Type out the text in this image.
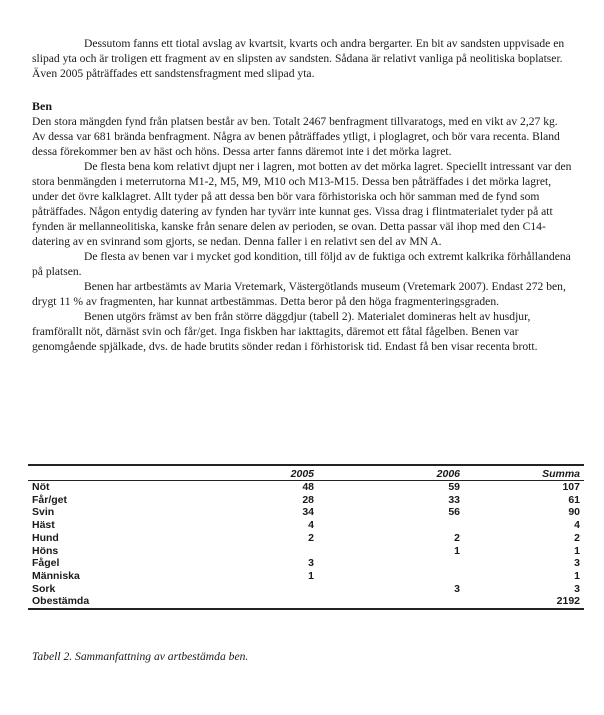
Dessutom fanns ett tiotal avslag av kvartsit, kvarts och andra bergarter. En bit av sandsten uppvisade en slipad yta och är troligen ett fragment av en slipsten av sandsten. Sådana är relativt vanliga på neolitiska boplatser. Även 2005 påträffades ett sandstensfragment med slipad yta.

Ben

Den stora mängden fynd från platsen består av ben. Totalt 2467 benfragment tillvaratogs, med en vikt av 2,27 kg. Av dessa var 681 brända benfragment. Några av benen påträffades ytligt, i ploglagret, och bör vara recenta. Bland dessa förekommer ben av häst och höns. Dessa arter fanns däremot inte i det mörka lagret.

De flesta bena kom relativt djupt ner i lagren, mot botten av det mörka lagret. Speciellt intressant var den stora benmängden i meterrutorna M1-2, M5, M9, M10 och M13-M15. Dessa ben påträffades i det mörka lagret, under det övre kalklagret. Allt tyder på att dessa ben bör vara förhistoriska och hör samman med de fynd som påträffades. Någon entydig datering av fynden har tyvärr inte kunnat ges. Vissa drag i flintmaterialet tyder på att fynden är mellanneolitiska, kanske från senare delen av perioden, se ovan. Detta passar väl ihop med den C14-datering av en svinrand som gjorts, se nedan. Denna faller i en relativt sen del av MN A.

De flesta av benen var i mycket god kondition, till följd av de fuktiga och extremt kalkrika förhållandena på platsen.

Benen har artbestämts av Maria Vretemark, Västergötlands museum (Vretemark 2007). Endast 272 ben, drygt 11 % av fragmenten, har kunnat artbestämmas. Detta beror på den höga fragmenteringsgraden.

Benen utgörs främst av ben från större däggdjur (tabell 2). Materialet domineras helt av husdjur, framförallt nöt, därnäst svin och får/get. Inga fiskben har iakttagits, däremot ett fåtal fågelben. Benen var genomgående spjälkade, dvs. de hade brutits sönder redan i förhistorisk tid. Endast få ben visar recenta brott.

	2005	2006	Summa
Nöt	48	59	107
Får/get	28	33	61
Svin	34	56	90
Häst	4		4
Hund	2	2	2
Höns		1	1
Fågel	3		3
Människa	1		1
Sork		3	3
Obestämda			2192
Tabell 2. Sammanfattning av artbestämda ben.
